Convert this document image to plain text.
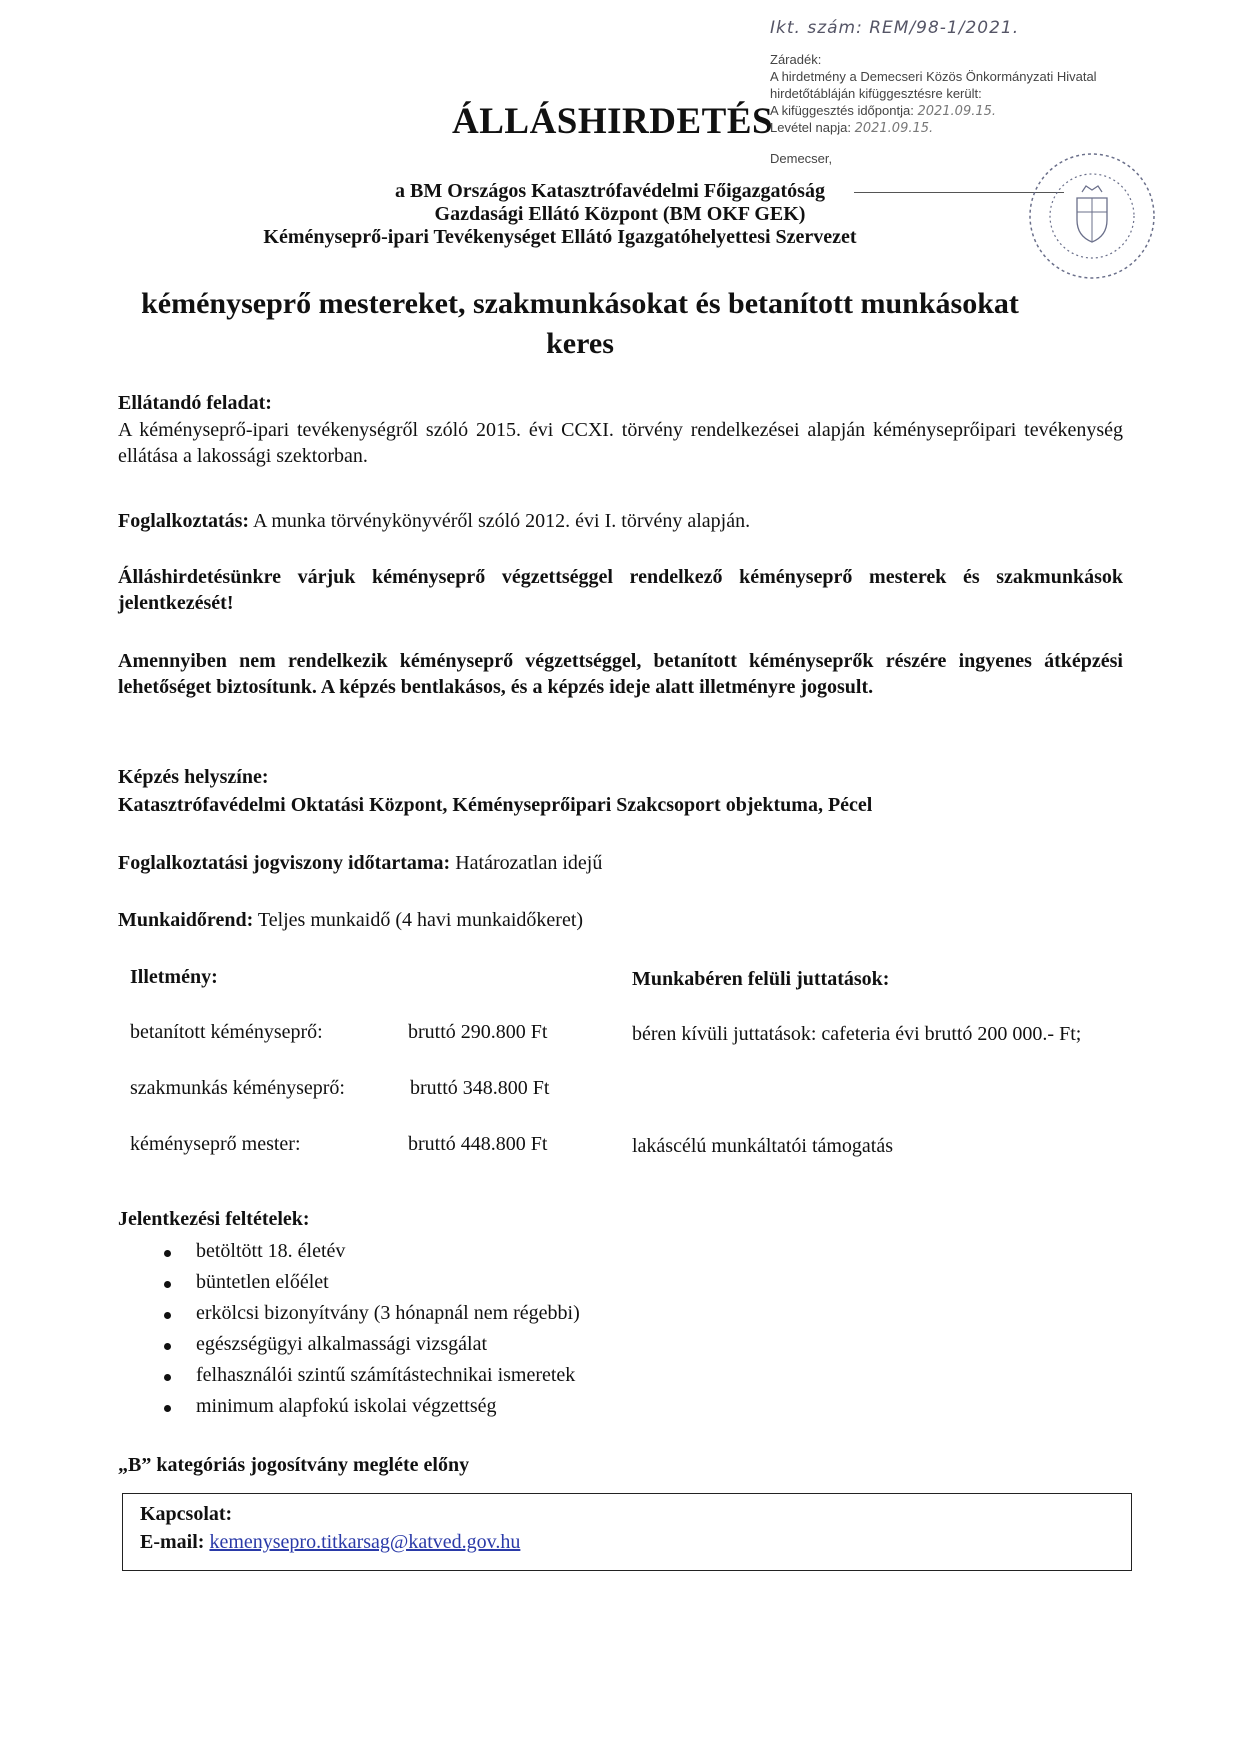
Ikt. szám: REM/98-1/2021.
Záradék:
A hirdetmény a Demecseri Közös Önkormányzati Hivatal
hirdetőtábláján kifüggesztésre került:
A kifüggesztés időpontja: 2021.09.15.
Levétel napja: 2021.09.15.
Demecser,
ÁLLÁSHIRDETÉS
a BM Országos Katasztrófavédelmi Főigazgatóság
Gazdasági Ellátó Központ (BM OKF GEK)
Kéményseprő-ipari Tevékenységet Ellátó Igazgatóhelyettesi Szervezet
kéményseprő mestereket, szakmunkásokat és betanított munkásokat
keres
Ellátandó feladat:
A kéményseprő-ipari tevékenységről szóló 2015. évi CCXI. törvény rendelkezései alapján kéményseprőipari tevékenység ellátása a lakossági szektorban.
Foglalkoztatás: A munka törvénykönyvéről szóló 2012. évi I. törvény alapján.
Álláshirdetésünkre várjuk kéményseprő végzettséggel rendelkező kéményseprő mesterek és szakmunkások jelentkezését!
Amennyiben nem rendelkezik kéményseprő végzettséggel, betanított kéményseprők részére ingyenes átképzési lehetőséget biztosítunk. A képzés bentlakásos, és a képzés ideje alatt illetményre jogosult.
Képzés helyszíne:
Katasztrófavédelmi Oktatási Központ, Kéményseprőipari Szakcsoport objektuma, Pécel
Foglalkoztatási jogviszony időtartama: Határozatlan idejű
Munkaidőrend: Teljes munkaidő (4 havi munkaidőkeret)
Illetmény:
betanított kéményseprő:	bruttó 290.800 Ft
szakmunkás kéményseprő:	bruttó 348.800 Ft
kéményseprő mester:	bruttó 448.800 Ft
Munkabéren felüli juttatások:
béren kívüli juttatások: cafeteria évi bruttó 200 000.- Ft;
lakáscélú munkáltatói támogatás
Jelentkezési feltételek:
betöltött 18. életév
büntetlen előélet
erkölcsi bizonyítvány (3 hónapnál nem régebbi)
egészségügyi alkalmassági vizsgálat
felhasználói szintű számítástechnikai ismeretek
minimum alapfokú iskolai végzettség
„B” kategóriás jogosítvány megléte előny
Kapcsolat:
E-mail: kemenysepro.titkarsag@katved.gov.hu
